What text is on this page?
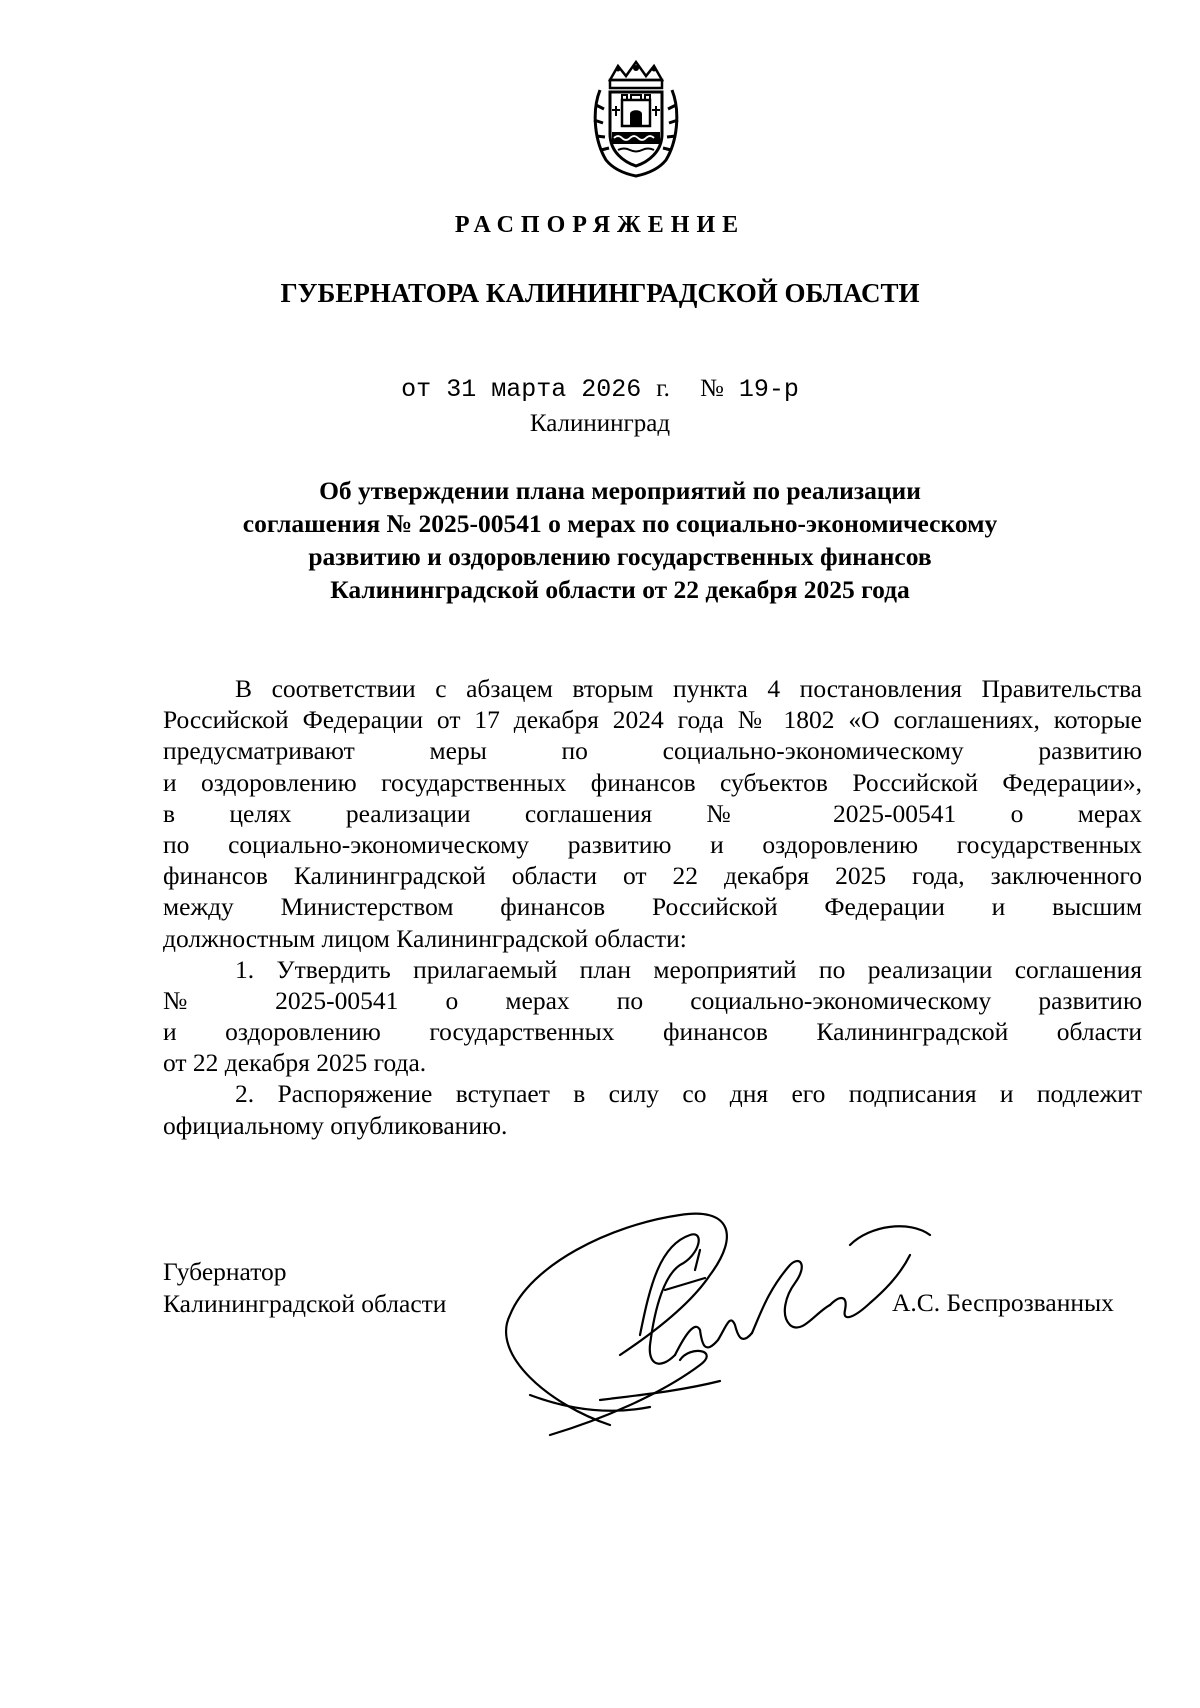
РАСПОРЯЖЕНИЕ
ГУБЕРНАТОРА КАЛИНИНГРАДСКОЙ ОБЛАСТИ
от 31 марта 2026 г. № 19-р
Калининград
Об утверждении плана мероприятий по реализации
соглашения № 2025-00541 о мерах по социально-экономическому
развитию и оздоровлению государственных финансов
Калининградской области от 22 декабря 2025 года
В соответствии с абзацем вторым пункта 4 постановления Правительства
Российской Федерации от 17 декабря 2024 года № 1802 «О соглашениях, которые
предусматривают меры по социально-экономическому развитию
и оздоровлению государственных финансов субъектов Российской Федерации»,
в целях реализации соглашения № 2025-00541 о мерах
по социально-экономическому развитию и оздоровлению государственных
финансов Калининградской области от 22 декабря 2025 года, заключенного
между Министерством финансов Российской Федерации и высшим
должностным лицом Калининградской области:
1. Утвердить прилагаемый план мероприятий по реализации соглашения
№ 2025-00541 о мерах по социально-экономическому развитию
и оздоровлению государственных финансов Калининградской области
от 22 декабря 2025 года.
2. Распоряжение вступает в силу со дня его подписания и подлежит
официальному опубликованию.
Губернатор
Калининградской области	А.С. Беспрозванных
